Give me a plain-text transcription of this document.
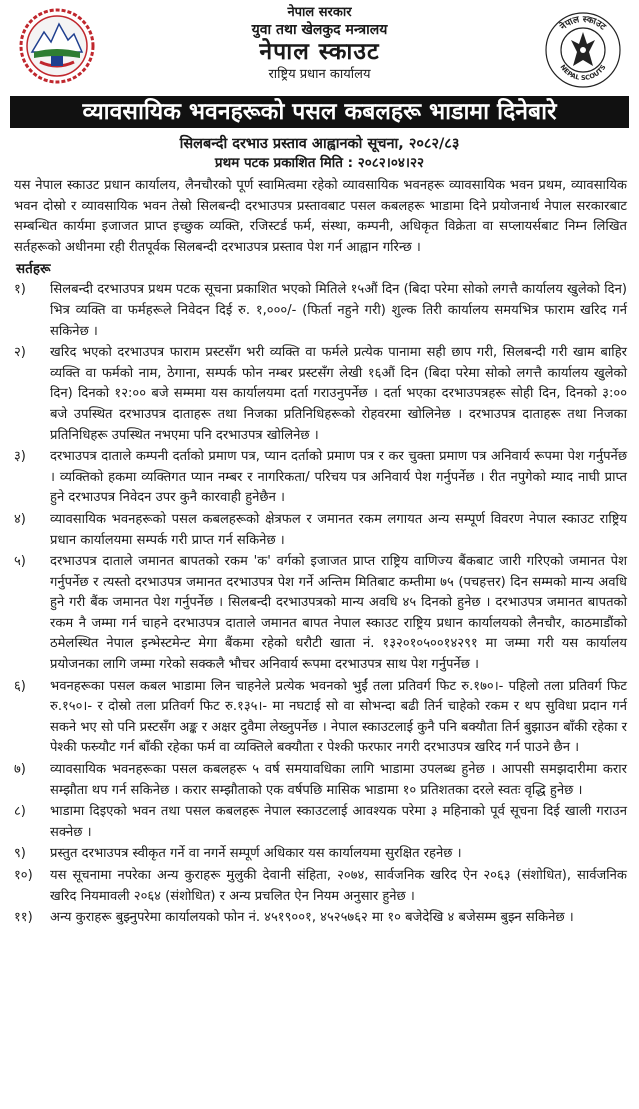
नेपाल सरकार
युवा तथा खेलकुद मन्त्रालय
नेपाल स्काउट
राष्ट्रिय प्रधान कार्यालय
नेपाल स्काउट
NEPAL SCOUTS
व्यावसायिक भवनहरूको पसल कबलहरू भाडामा दिनेबारे
सिलबन्दी दरभाउ प्रस्ताव आह्वानको सूचना, २०८२/८३
प्रथम पटक प्रकाशित मिति : २०८२।०४।२२

यस नेपाल स्काउट प्रधान कार्यालय, लैनचौरको पूर्ण स्वामित्वमा रहेको व्यावसायिक भवनहरू व्यावसायिक भवन प्रथम, व्यावसायिक भवन दोस्रो र व्यावसायिक भवन तेस्रो सिलबन्दी दरभाउपत्र प्रस्तावबाट पसल कबलहरू भाडामा दिने प्रयोजनार्थ नेपाल सरकारबाट सम्बन्धित कार्यमा इजाजत प्राप्त इच्छुक व्यक्ति, रजिस्टर्ड फर्म, संस्था, कम्पनी, अधिकृत विक्रेता वा सप्लायर्सबाट निम्न लिखित सर्तहरूको अधीनमा रही रीतपूर्वक सिलबन्दी दरभाउपत्र प्रस्ताव पेश गर्न आह्वान गरिन्छ ।

सर्तहरू
१)	सिलबन्दी दरभाउपत्र प्रथम पटक सूचना प्रकाशित भएको मितिले १५औं दिन (बिदा परेमा सोको लगत्तै कार्यालय खुलेको दिन) भित्र व्यक्ति वा फर्महरूले निवेदन दिई रु. १,०००/- (फिर्ता नहुने गरी) शुल्क तिरी कार्यालय समयभित्र फाराम खरिद गर्न सकिनेछ ।
२)	खरिद भएको दरभाउपत्र फाराम प्रस्टसँग भरी व्यक्ति वा फर्मले प्रत्येक पानामा सही छाप गरी, सिलबन्दी गरी खाम बाहिर व्यक्ति वा फर्मको नाम, ठेगाना, सम्पर्क फोन नम्बर प्रस्टसँग लेखी १६औं दिन (बिदा परेमा सोको लगत्तै कार्यालय खुलेको दिन) दिनको १२:०० बजे सम्ममा यस कार्यालयमा दर्ता गराउनुपर्नेछ । दर्ता भएका दरभाउपत्रहरू सोही दिन, दिनको ३:०० बजे उपस्थित दरभाउपत्र दाताहरू तथा निजका प्रतिनिधिहरूको रोहवरमा खोलिनेछ । दरभाउपत्र दाताहरू तथा निजका प्रतिनिधिहरू उपस्थित नभएमा पनि दरभाउपत्र खोलिनेछ ।
३)	दरभाउपत्र दाताले कम्पनी दर्ताको प्रमाण पत्र, प्यान दर्ताको प्रमाण पत्र र कर चुक्ता प्रमाण पत्र अनिवार्य रूपमा पेश गर्नुपर्नेछ । व्यक्तिको हकमा व्यक्तिगत प्यान नम्बर र नागरिकता/ परिचय पत्र अनिवार्य पेश गर्नुपर्नेछ । रीत नपुगेको म्याद नाघी प्राप्त हुने दरभाउपत्र निवेदन उपर कुनै कारवाही हुनेछैन ।
४)	व्यावसायिक भवनहरूको पसल कबलहरूको क्षेत्रफल र जमानत रकम लगायत अन्य सम्पूर्ण विवरण नेपाल स्काउट राष्ट्रिय प्रधान कार्यालयमा सम्पर्क गरी प्राप्त गर्न सकिनेछ ।
५)	दरभाउपत्र दाताले जमानत बापतको रकम 'क' वर्गको इजाजत प्राप्त राष्ट्रिय वाणिज्य बैंकबाट जारी गरिएको जमानत पेश गर्नुपर्नेछ र त्यस्तो दरभाउपत्र जमानत दरभाउपत्र पेश गर्ने अन्तिम मितिबाट कम्तीमा ७५ (पचहत्तर) दिन सम्मको मान्य अवधि हुने गरी बैंक जमानत पेश गर्नुपर्नेछ । सिलबन्दी दरभाउपत्रको मान्य अवधि ४५ दिनको हुनेछ । दरभाउपत्र जमानत बापतको रकम नै जम्मा गर्न चाहने दरभाउपत्र दाताले जमानत बापत नेपाल स्काउट राष्ट्रिय प्रधान कार्यालयको लैनचौर, काठमाडौंको ठमेलस्थित नेपाल इन्भेस्टमेन्ट मेगा बैंकमा रहेको धरौटी खाता नं. १३२०१०५००१४२९१ मा जम्मा गरी यस कार्यालय प्रयोजनका लागि जम्मा गरेको सक्कलै भौचर अनिवार्य रूपमा दरभाउपत्र साथ पेश गर्नुपर्नेछ ।
६)	भवनहरूका पसल कबल भाडामा लिन चाहनेले प्रत्येक भवनको भुईं तला प्रतिवर्ग फिट रु.१७०।- पहिलो तला प्रतिवर्ग फिट रु.१५०।- र दोस्रो तला प्रतिवर्ग फिट रु.१३५।- मा नघटाई सो वा सोभन्दा बढी तिर्न चाहेको रकम र थप सुविधा प्रदान गर्न सकने भए सो पनि प्रस्टसँग अङ्क र अक्षर दुवैमा लेख्नुपर्नेछ । नेपाल स्काउटलाई कुनै पनि बक्यौता तिर्न बुझाउन बाँकी रहेका र पेश्की फस्र्यौट गर्न बाँकी रहेका फर्म वा व्यक्तिले बक्यौता र पेश्की फरफार नगरी दरभाउपत्र खरिद गर्न पाउने छैन ।
७)	व्यावसायिक भवनहरूका पसल कबलहरू ५ वर्ष समयावधिका लागि भाडामा उपलब्ध हुनेछ । आपसी समझदारीमा करार सम्झौता थप गर्न सकिनेछ । करार सम्झौताको एक वर्षपछि मासिक भाडामा १० प्रतिशतका दरले स्वतः वृद्धि हुनेछ ।
८)	भाडामा दिइएको भवन तथा पसल कबलहरू नेपाल स्काउटलाई आवश्यक परेमा ३ महिनाको पूर्व सूचना दिई खाली गराउन सक्नेछ ।
९)	प्रस्तुत दरभाउपत्र स्वीकृत गर्ने वा नगर्ने सम्पूर्ण अधिकार यस कार्यालयमा सुरक्षित रहनेछ ।
१०)	यस सूचनामा नपरेका अन्य कुराहरू मुलुकी देवानी संहिता, २०७४, सार्वजनिक खरिद ऐन २०६३ (संशोधित), सार्वजनिक खरिद नियमावली २०६४ (संशोधित) र अन्य प्रचलित ऐन नियम अनुसार हुनेछ ।
११)	अन्य कुराहरू बुझ्नुपरेमा कार्यालयको फोन नं. ४५१९००१, ४५२५७६२ मा १० बजेदेखि ४ बजेसम्म बुझ्न सकिनेछ ।
